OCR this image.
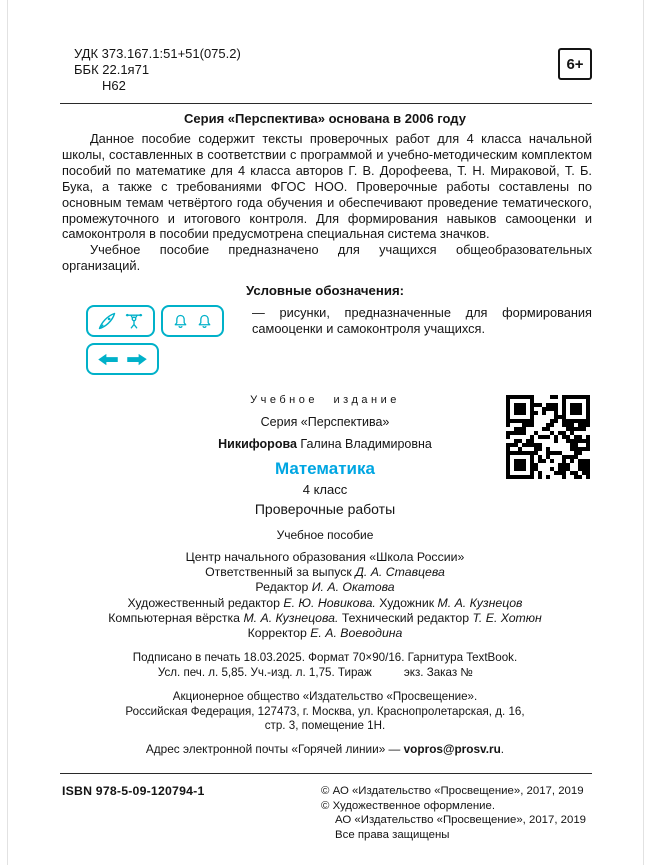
УДК 373.167.1:51+51(075.2)
ББК 22.1я71
Н62
6+
Серия «Перспектива» основана в 2006 году

Данное пособие содержит тексты проверочных работ для 4 класса начальной школы, составленных в соответствии с программой и учебно-методическим комплектом пособий по математике для 4 класса авторов Г. В. Дорофеева, Т. Н. Мираковой, Т. Б. Бука, а также с требованиями ФГОС НОО. Проверочные работы составлены по основным темам четвёртого года обучения и обеспечивают проведение тематического, промежуточного и итогового контроля. Для формирования навыков самооценки и самоконтроля в пособии предусмотрена специальная система значков.

Учебное пособие предназначено для учащихся общеобразовательных организаций.

Условные обозначения:

— рисунки, предназначенные для формирования самооценки и самоконтроля учащихся.

Учебное издание
Серия «Перспектива»
Никифорова Галина Владимировна
Математика
4 класс
Проверочные работы
Учебное пособие
Центр начального образования «Школа России»
Ответственный за выпуск Д. А. Ставцева
Редактор И. А. Окатова
Художественный редактор Е. Ю. Новикова. Художник М. А. Кузнецов
Компьютерная вёрстка М. А. Кузнецова. Технический редактор Т. Е. Хотюн
Корректор Е. А. Воеводина
Подписано в печать 18.03.2025. Формат 70×90/16. Гарнитура TextBook.
Усл. печ. л. 5,85. Уч.-изд. л. 1,75. Тираж          экз. Заказ №
Акционерное общество «Издательство «Просвещение».
Российская Федерация, 127473, г. Москва, ул. Краснопролетарская, д. 16,
стр. 3, помещение 1Н.
Адрес электронной почты «Горячей линии» — vopros@prosv.ru.
ISBN 978-5-09-120794-1	© АО «Издательство «Просвещение», 2017, 2019
© Художественное оформление.
АО «Издательство «Просвещение», 2017, 2019
Все права защищены
